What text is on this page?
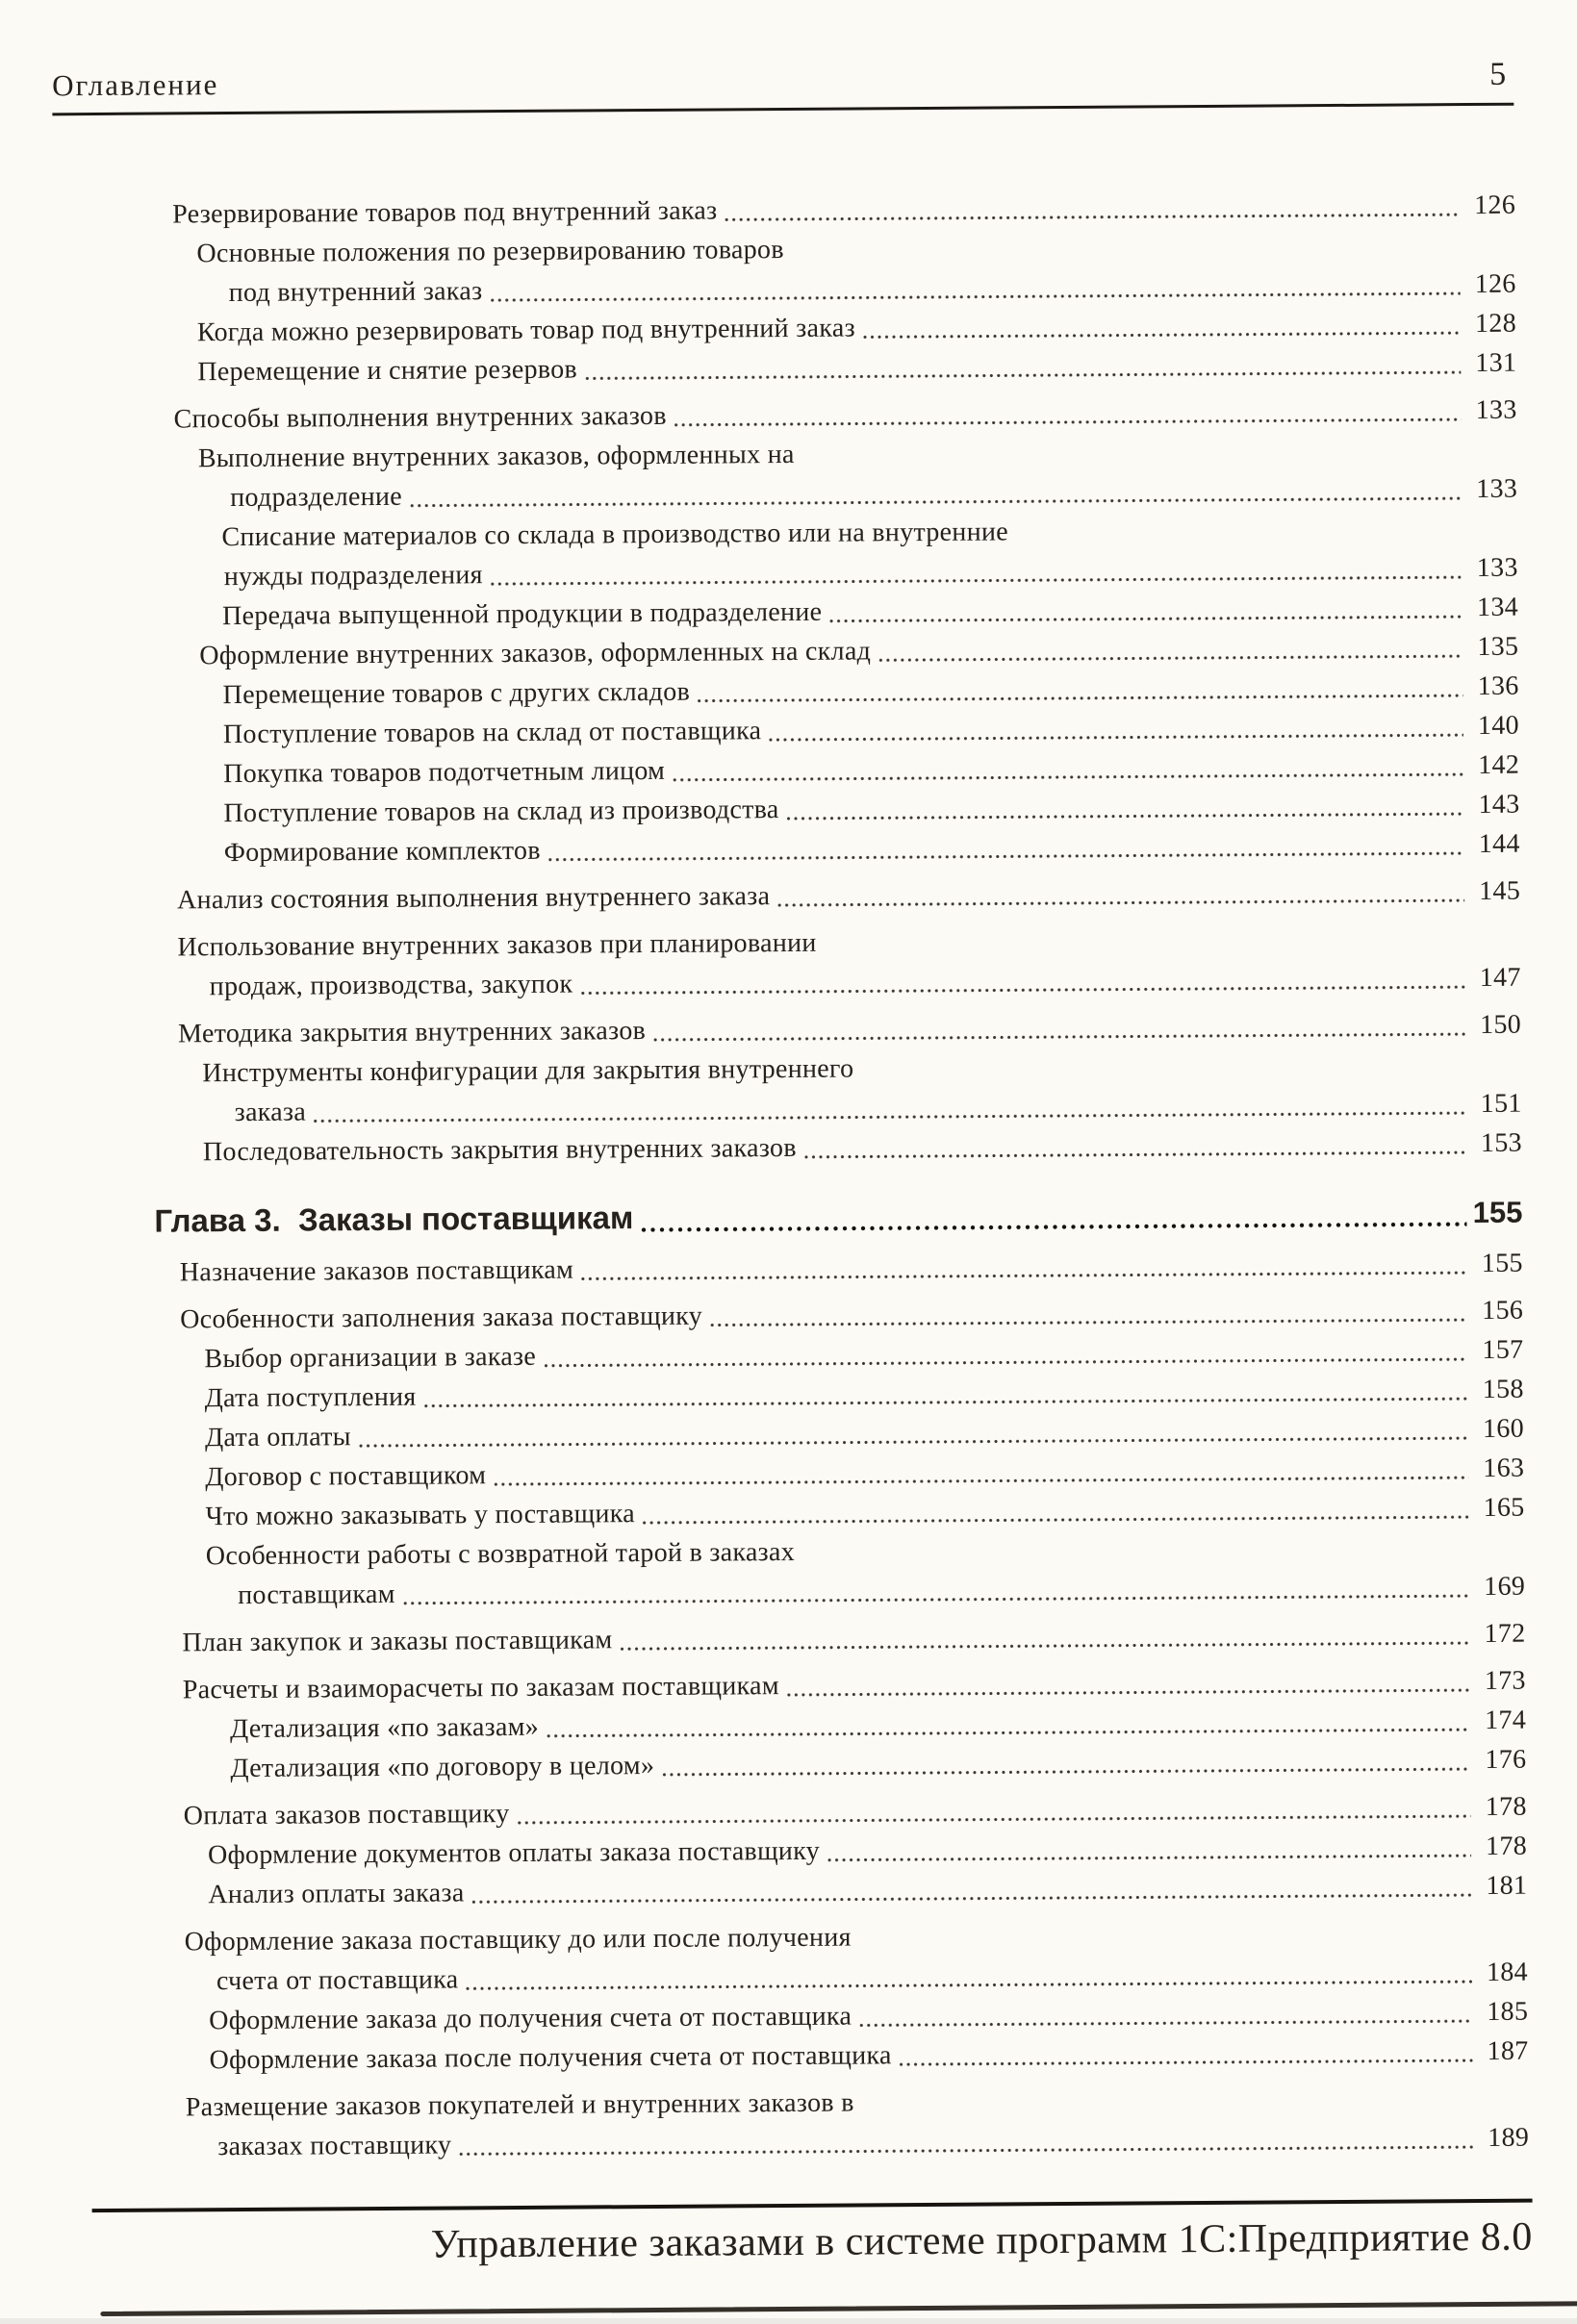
Оглавление	5
Резервирование товаров под внутренний заказ	126
Основные положения по резервированию товаров
под внутренний заказ	126
Когда можно резервировать товар под внутренний заказ	128
Перемещение и снятие резервов	131
Способы выполнения внутренних заказов	133
Выполнение внутренних заказов, оформленных на
подразделение	133
Списание материалов со склада в производство или на внутренние
нужды подразделения	133
Передача выпущенной продукции в подразделение	134
Оформление внутренних заказов, оформленных на склад	135
Перемещение товаров с других складов	136
Поступление товаров на склад от поставщика	140
Покупка товаров подотчетным лицом	142
Поступление товаров на склад из производства	143
Формирование комплектов	144
Анализ состояния выполнения внутреннего заказа	145
Использование внутренних заказов при планировании
продаж, производства, закупок	147
Методика закрытия внутренних заказов	150
Инструменты конфигурации для закрытия внутреннего
заказа	151
Последовательность закрытия внутренних заказов	153
Глава 3.  Заказы поставщикам	155
Назначение заказов поставщикам	155
Особенности заполнения заказа поставщику	156
Выбор организации в заказе	157
Дата поступления	158
Дата оплаты	160
Договор с поставщиком	163
Что можно заказывать у поставщика	165
Особенности работы с возвратной тарой в заказах
поставщикам	169
План закупок и заказы поставщикам	172
Расчеты и взаиморасчеты по заказам поставщикам	173
Детализация «по заказам»	174
Детализация «по договору в целом»	176
Оплата заказов поставщику	178
Оформление документов оплаты заказа поставщику	178
Анализ оплаты заказа	181
Оформление заказа поставщику до или после получения
счета от поставщика	184
Оформление заказа до получения счета от поставщика	185
Оформление заказа после получения счета от поставщика	187
Размещение заказов покупателей и внутренних заказов в
заказах поставщику	189
Управление заказами в системе программ 1С:Предприятие 8.0
